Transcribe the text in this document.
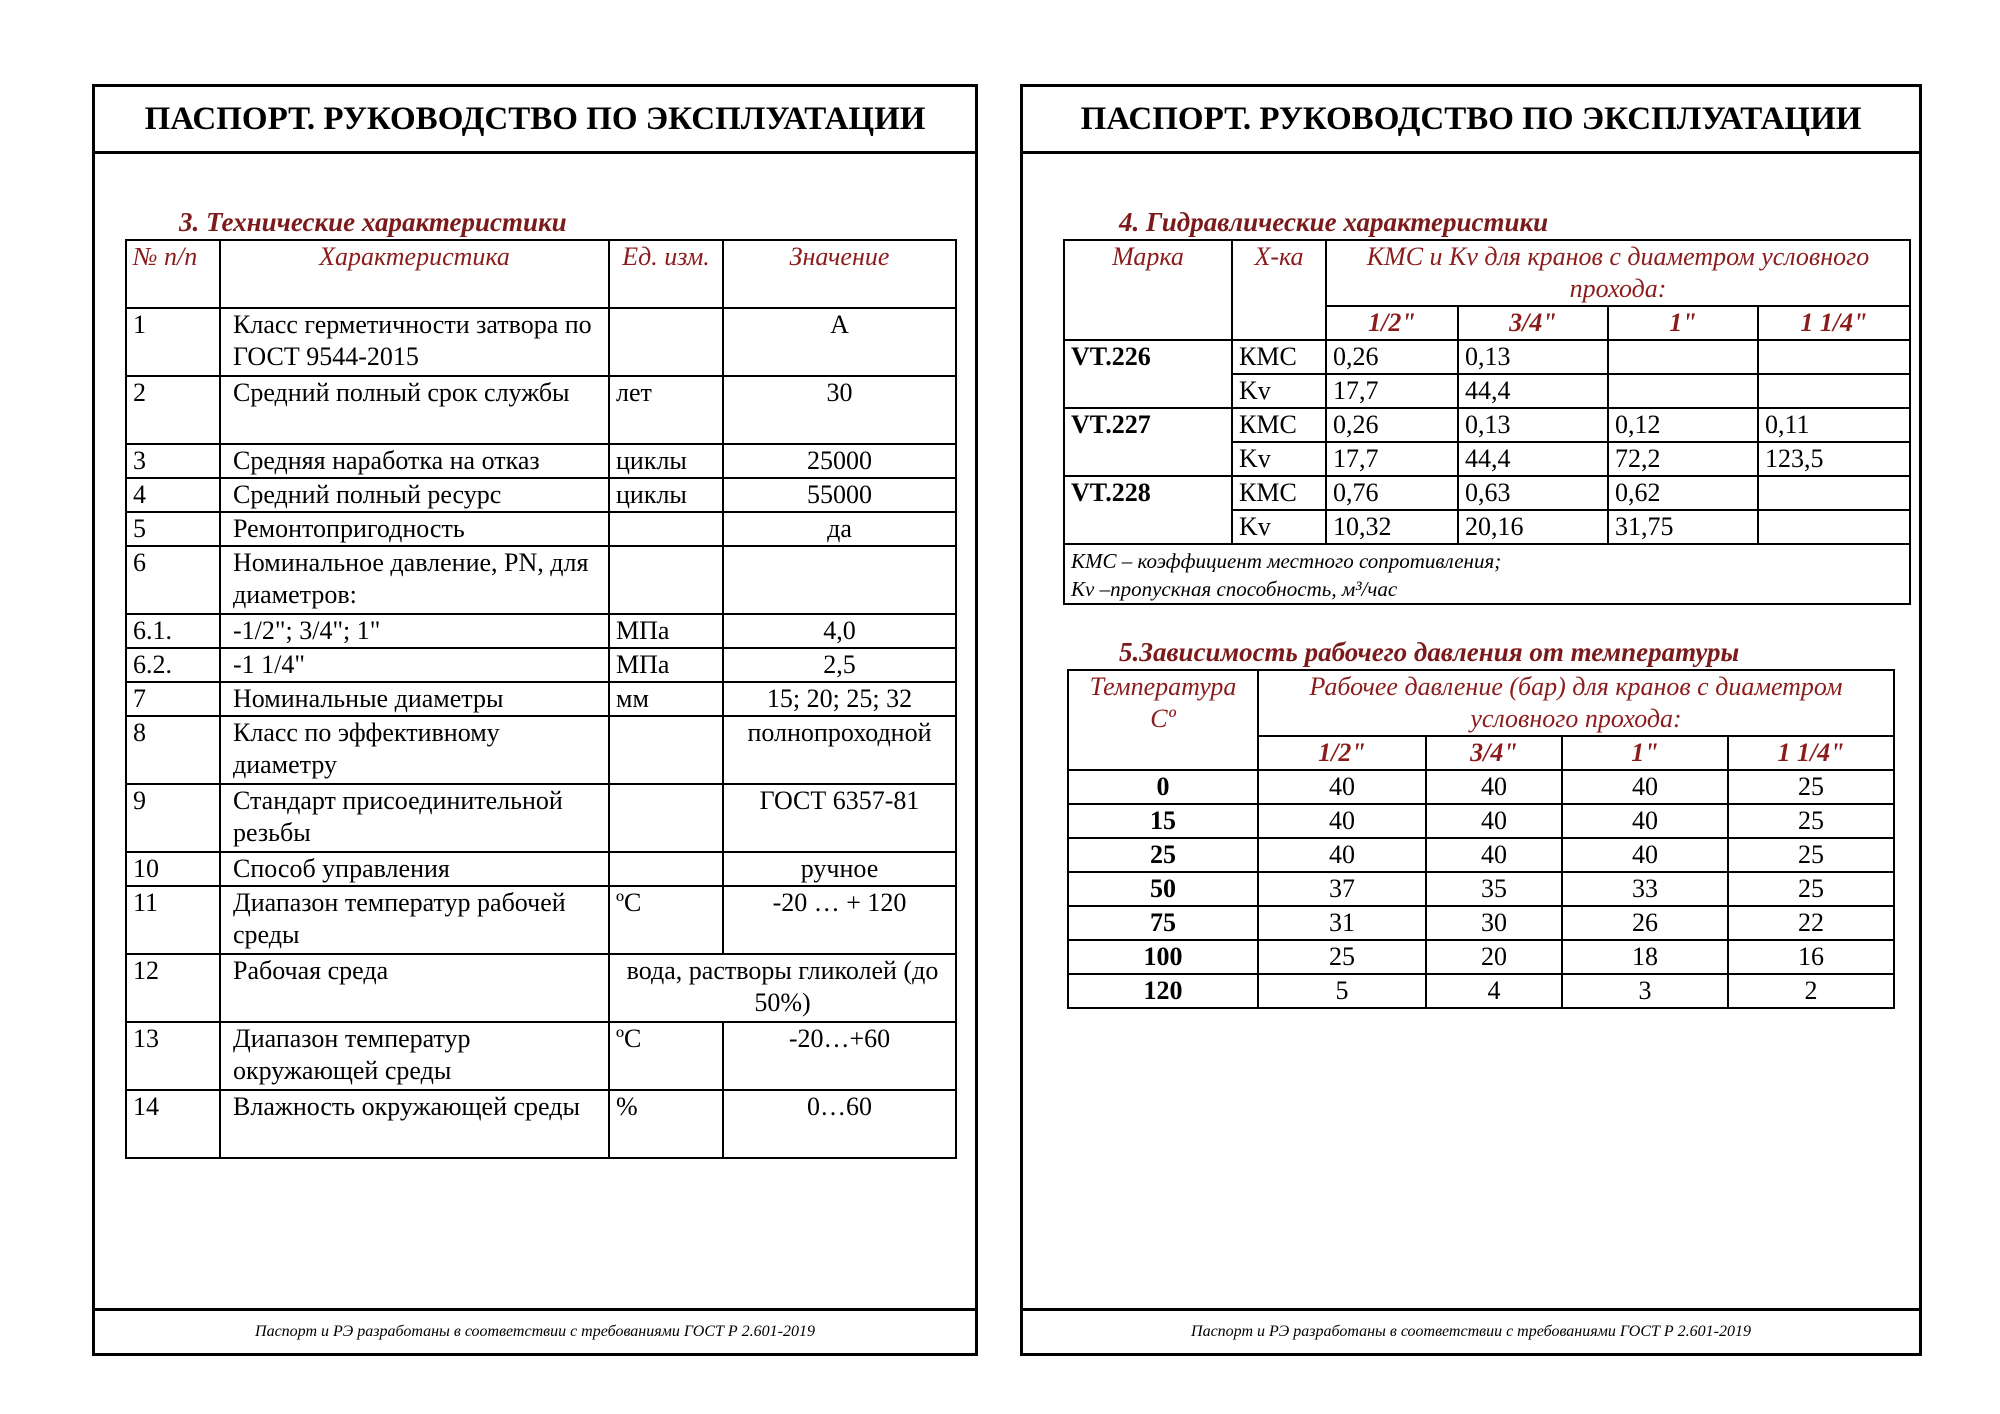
ПАСПОРТ. РУКОВОДСТВО ПО ЭКСПЛУАТАЦИИ
3. Технические характеристики
№ п/п	Характеристика	Ед. изм.	Значение
1	Класс герметичности затвора по ГОСТ 9544-2015		А
2	Средний полный срок службы	лет	30
3	Средняя наработка на отказ	циклы	25000
4	Средний полный ресурс	циклы	55000
5	Ремонтопригодность		да
6	Номинальное давление, PN, для диаметров:		
6.1.	-1/2"; 3/4"; 1"	МПа	4,0
6.2.	-1 1/4"	МПа	2,5
7	Номинальные диаметры	мм	15; 20; 25; 32
8	Класс по эффективному диаметру		полнопроходной
9	Стандарт присоединительной резьбы		ГОСТ 6357-81
10	Способ управления		ручное
11	Диапазон температур рабочей среды	ºС	-20 … + 120
12	Рабочая среда	вода, растворы гликолей (до 50%)	
13	Диапазон температур окружающей среды	ºС	-20…+60
14	Влажность окружающей среды	%	0…60
Паспорт и РЭ разработаны в соответствии с требованиями ГОСТ Р 2.601-2019
ПАСПОРТ. РУКОВОДСТВО ПО ЭКСПЛУАТАЦИИ
4. Гидравлические характеристики
Марка	Х-ка	КМС и Kv для кранов с диаметром условного прохода:			
		1/2"	3/4"	1"	1 1/4"
VT.226	КМС	0,26	0,13		
	Kv	17,7	44,4		
VT.227	КМС	0,26	0,13	0,12	0,11
	Kv	17,7	44,4	72,2	123,5
VT.228	КМС	0,76	0,63	0,62	
	Kv	10,32	20,16	31,75	

КМС – коэффициент местного сопротивления;
Kv –пропускная способность, м³/час					
5.Зависимость рабочего давления от температуры
Температура Сº	Рабочее давление (бар) для кранов с диаметром условного прохода:			
	1/2"	3/4"	1"	1 1/4"
0	40	40	40	25
15	40	40	40	25
25	40	40	40	25
50	37	35	33	25
75	31	30	26	22
100	25	20	18	16
120	5	4	3	2
Паспорт и РЭ разработаны в соответствии с требованиями ГОСТ Р 2.601-2019
